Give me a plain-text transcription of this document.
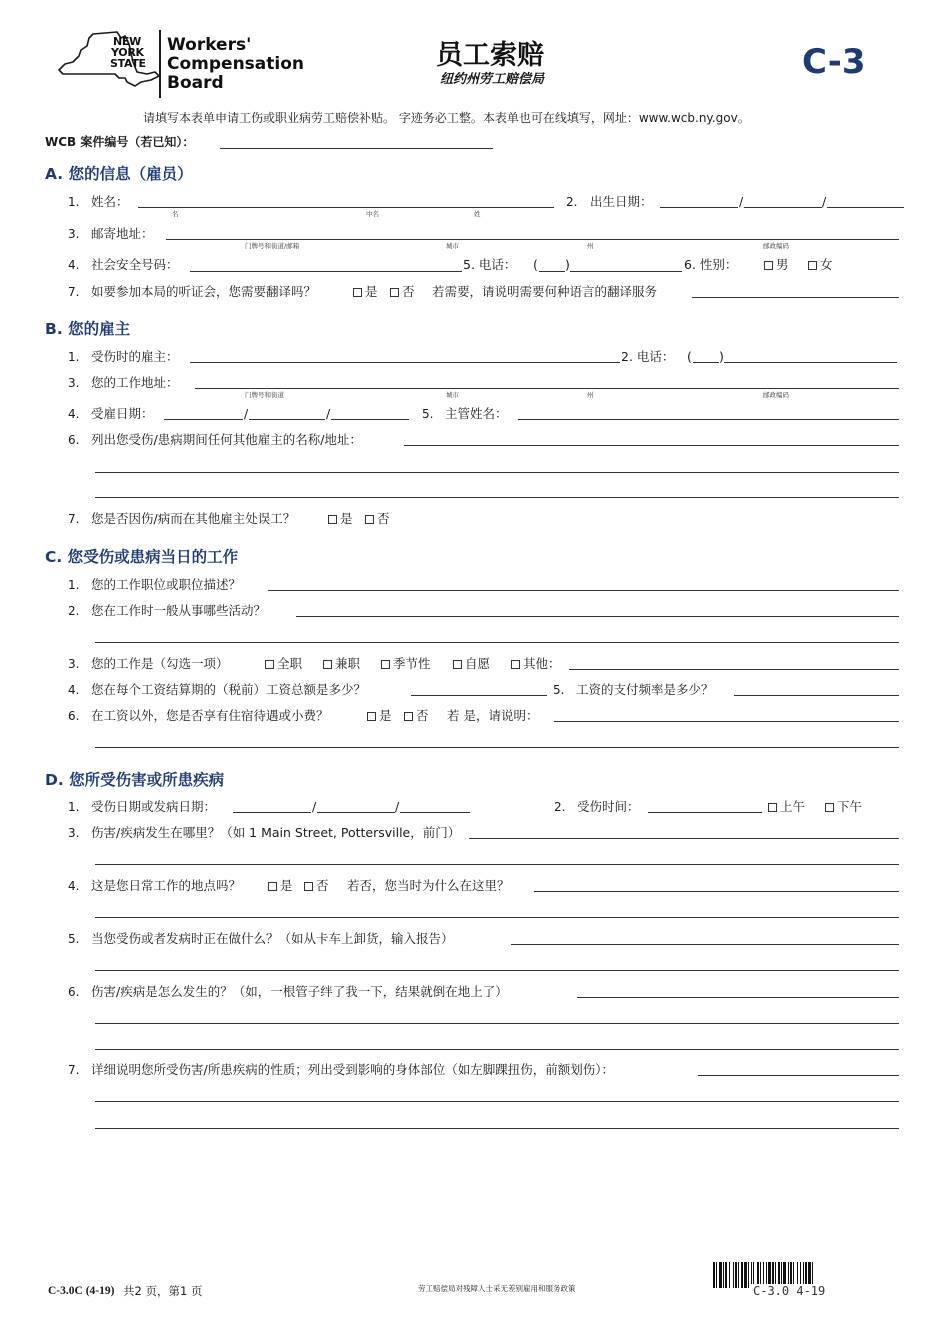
NEW
YORK
STATE
Workers'
Compensation
Board
员工索赔
纽约州劳工赔偿局	C-3
请填写本表单申请工伤或职业病劳工赔偿补贴。 字迹务必工整。本表单也可在线填写，网址：www.wcb.ny.gov。
WCB 案件编号（若已知）：
A. 您的信息（雇员）
1. 姓名：
名	中名	姓
2. 出生日期：	/	/
3. 邮寄地址：
门牌号和街道/邮箱	城市	州	邮政编码
4. 社会安全号码：	5. 电话： ( )	6. 性别：	男	女
7. 如要参加本局的听证会，您需要翻译吗？	是	否 若需要，请说明需要何种语言的翻译服务
B. 您的雇主
1. 受伤时的雇主：	2. 电话： ( )
3. 您的工作地址：
门牌号和街道	城市	州	邮政编码
4. 受雇日期：	/	/	5. 主管姓名：
6. 列出您受伤/患病期间任何其他雇主的名称/地址：
7. 您是否因伤/病而在其他雇主处误工？	是	否
C. 您受伤或患病当日的工作
1. 您的工作职位或职位描述？
2. 您在工作时一般从事哪些活动？
3. 您的工作是（勾选一项）	全职	兼职	季节性	自愿	其他：
4. 您在每个工资结算期的（税前）工资总额是多少？	5. 工资的支付频率是多少？
6. 在工资以外，您是否享有住宿待遇或小费？	是	否 若 是，请说明：
D. 您所受伤害或所患疾病
1. 受伤日期或发病日期：	/	/	2. 受伤时间：	上午	下午
3. 伤害/疾病发生在哪里？（如 1 Main Street, Pottersville，前门）
4. 这是您日常工作的地点吗？	是	否 若否，您当时为什么在这里？
5. 当您受伤或者发病时正在做什么？（如从卡车上卸货，输入报告）
6. 伤害/疾病是怎么发生的？（如，一根管子绊了我一下，结果就倒在地上了）
7. 详细说明您所受伤害/所患疾病的性质；列出受到影响的身体部位（如左脚踝扭伤，前额划伤）：
C-3.0C (4-19) 共2 页，第1 页	劳工赔偿局对残障人士采无差别雇用和服务政策	C-3.0 4-19
